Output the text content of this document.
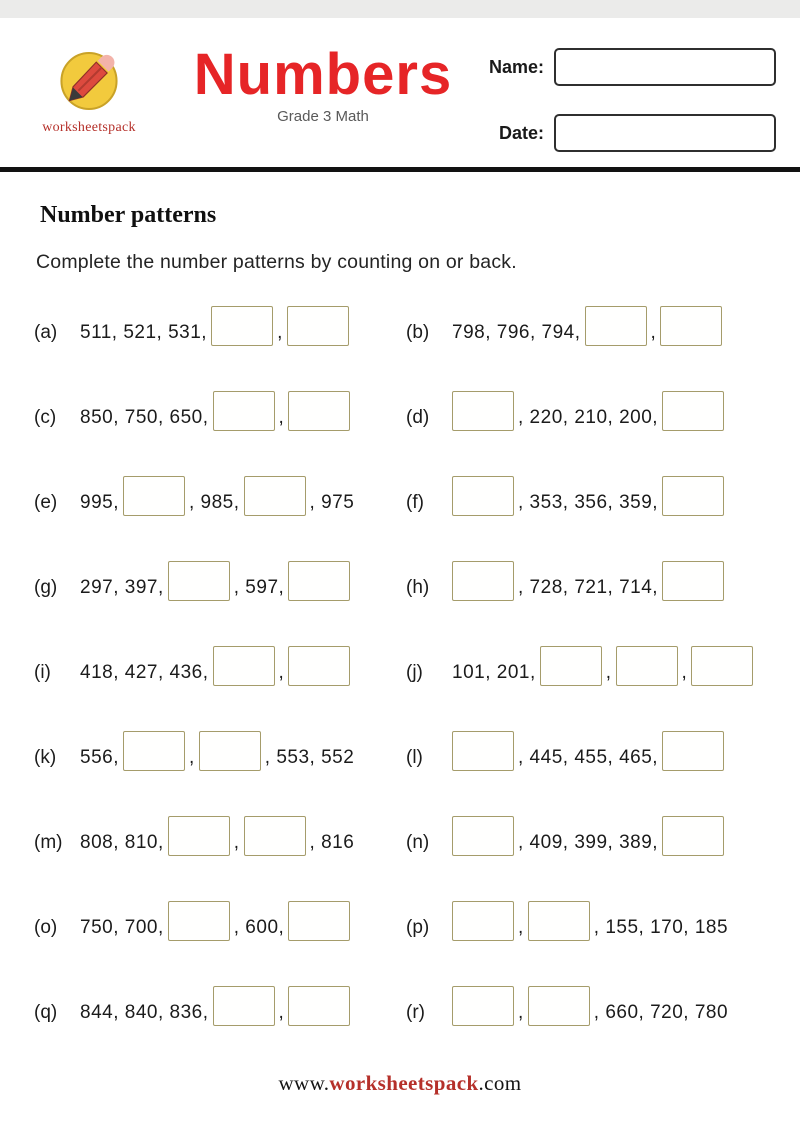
worksheetspack
Numbers
Grade 3 Math
Name:
Date:
Number patterns
Complete the number patterns by counting on or back.
(a)	511, 521, 531,	,	(b)	798, 796, 794,	,
(c)	850, 750, 650,	,	(d)	, 220, 210, 200,
(e)	995,	, 985,	, 975	(f)	, 353, 356, 359,
(g)	297, 397,	, 597,	(h)	, 728, 721, 714,
(i)	418, 427, 436,	,	(j)	101, 201,	,	,
(k)	556,	,	, 553, 552	(l)	, 445, 455, 465,
(m) 808, 810,	,	, 816	(n)	, 409, 399, 389,
(o)	750, 700,	, 600,	(p)	,	, 155, 170, 185
(q)	844, 840, 836,	,	(r)	,	, 660, 720, 780
www.worksheetspack.com
